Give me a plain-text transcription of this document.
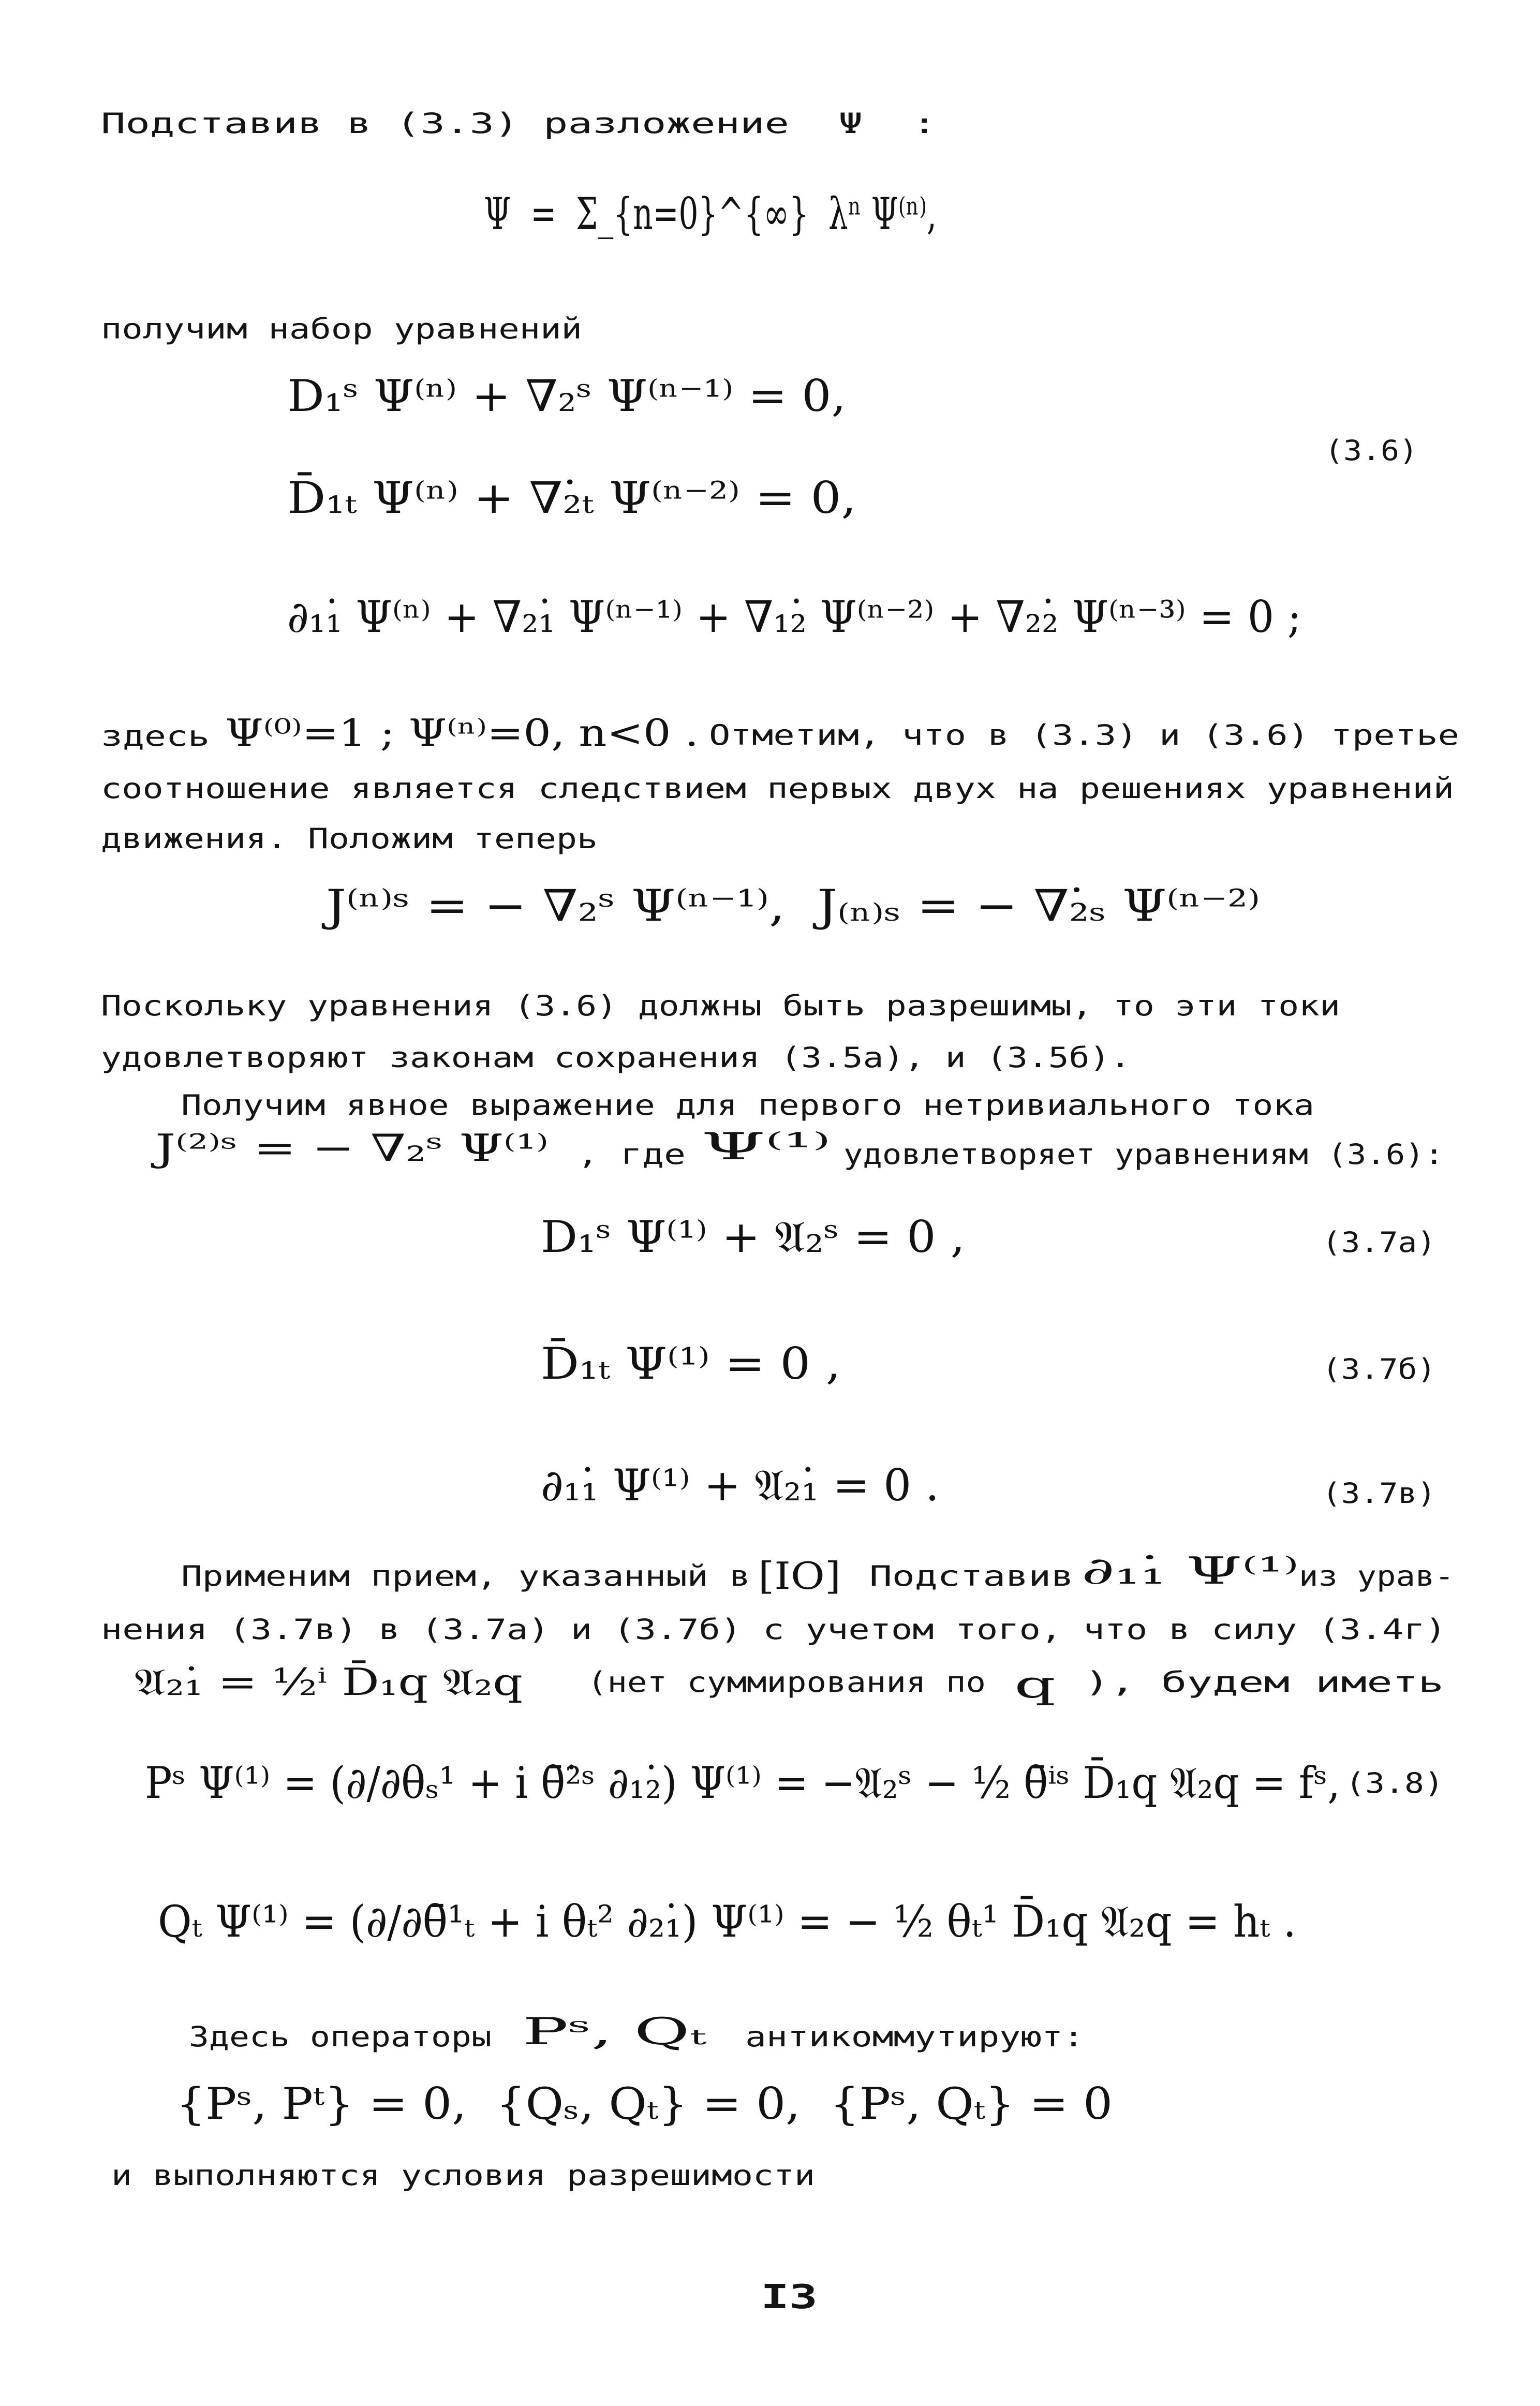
Подставив в (3.3) разложение  Ψ  :
Ψ  =  Σ_{n=0}^{∞}  λⁿ Ψ⁽ⁿ⁾,
получим набор уравнений
D₁ˢ Ψ⁽ⁿ⁾ + ∇₂ˢ Ψ⁽ⁿ⁻¹⁾ = 0,
(3.6)
D̄₁ₜ Ψ⁽ⁿ⁾ + ∇₂̇ₜ Ψ⁽ⁿ⁻²⁾ = 0,
∂₁₁̇ Ψ⁽ⁿ⁾ + ∇₂₁̇ Ψ⁽ⁿ⁻¹⁾ + ∇₁₂̇ Ψ⁽ⁿ⁻²⁾ + ∇₂₂̇ Ψ⁽ⁿ⁻³⁾ = 0 ;
здесь Ψ⁽⁰⁾=1 ; Ψ⁽ⁿ⁾=0, n<0 . Отметим, что в (3.3) и (3.6) третье
соотношение является следствием первых двух на решениях уравнений
движения. Положим теперь
J⁽ⁿ⁾ˢ = − ∇₂ˢ Ψ⁽ⁿ⁻¹⁾,  J₍ₙ₎ₛ = − ∇₂̇ₛ Ψ⁽ⁿ⁻²⁾
Поскольку уравнения (3.6) должны быть разрешимы, то эти токи
удовлетворяют законам сохранения (3.5а), и (3.5б).
Получим явное выражение для первого нетривиального тока
J⁽²⁾ˢ = − ∇₂ˢ Ψ⁽¹⁾ , где Ψ⁽¹⁾ удовлетворяет уравнениям (3.6):
D₁ˢ Ψ⁽¹⁾ + 𝔄₂ˢ = 0 ,	(3.7а)
D̄₁ₜ Ψ⁽¹⁾ = 0 ,	(3.7б)
∂₁₁̇ Ψ⁽¹⁾ + 𝔄₂₁̇ = 0 .	(3.7в)
Применим прием, указанный в [IO] Подставив ∂₁₁̇ Ψ⁽¹⁾ из урав-
нения (3.7в) в (3.7а) и (3.7б) с учетом того, что в силу (3.4г)
𝔄₂₁̇ = ½ⁱ D̄₁q 𝔄₂q (нет суммирования по q ), будем иметь
Pˢ Ψ⁽¹⁾ = (∂/∂θₛ¹ + i θ̄²̇ˢ ∂₁₂̇) Ψ⁽¹⁾ = −𝔄₂ˢ − ½ θ̄ⁱˢ D̄₁q 𝔄₂q = fˢ, (3.8)
Qₜ Ψ⁽¹⁾ = (∂/∂θ̄¹ₜ + i θₜ² ∂₂₁̇) Ψ⁽¹⁾ = − ½ θₜ¹ D̄₁q 𝔄₂q = hₜ .
Здесь операторы Pˢ, Qₜ антикоммутируют:
{Pˢ, Pᵗ} = 0,  {Qₛ, Qₜ} = 0,  {Pˢ, Qₜ} = 0
и выполняются условия разрешимости
I3
